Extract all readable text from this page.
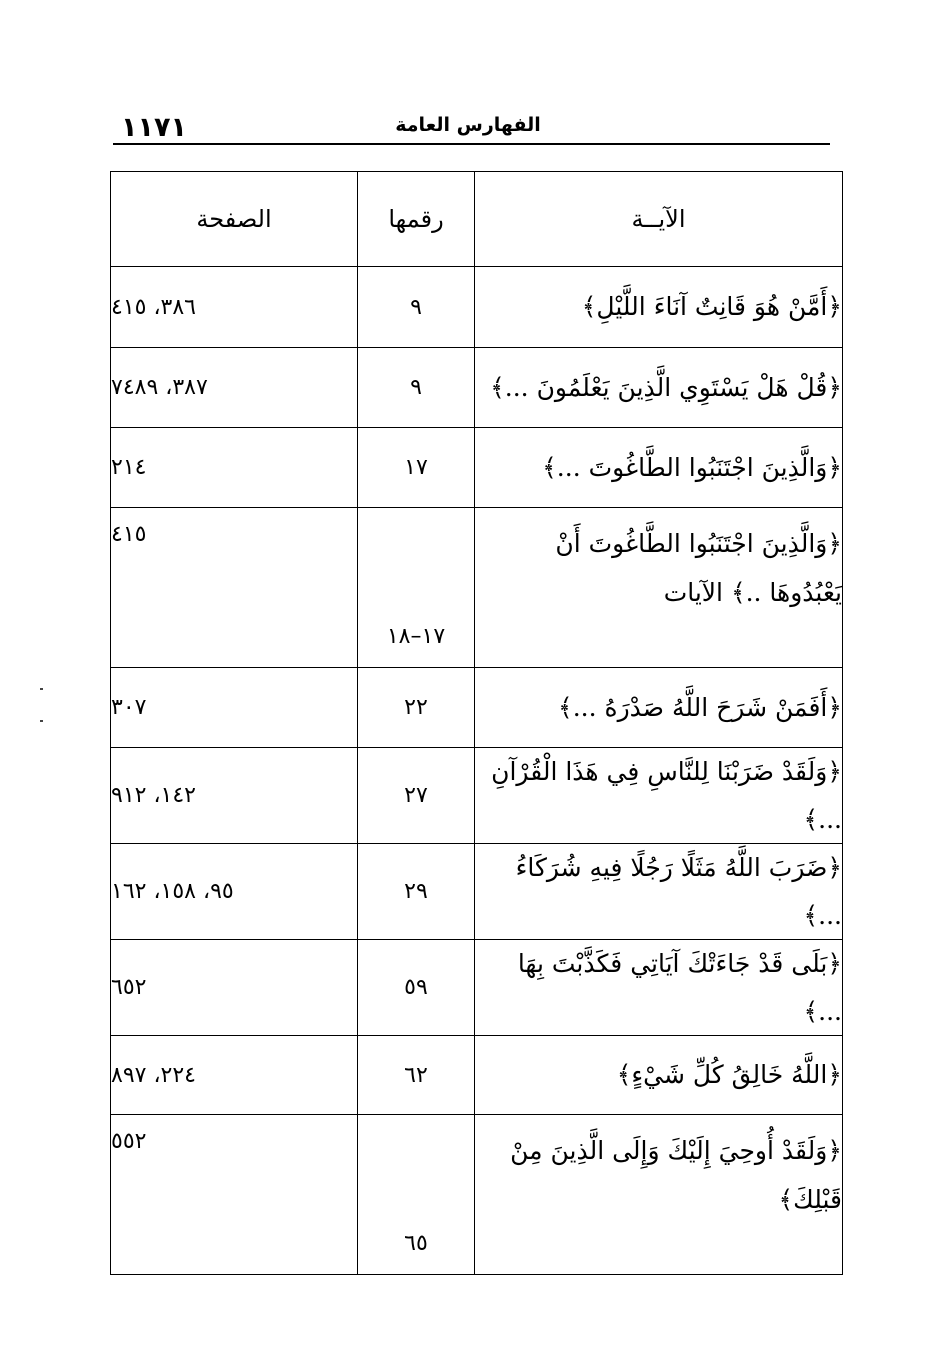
١١٧١	الفهارس العامة
الآيــة	رقمها	الصفحة
﴿أَمَّنْ هُوَ قَانِتٌ آنَاءَ اللَّيْلِ﴾	٩	٣٨٦، ٤١٥
﴿قُلْ هَلْ يَسْتَوِي الَّذِينَ يَعْلَمُونَ ...﴾	٩	٣٨٧، ٧٤٨٩
﴿وَالَّذِينَ اجْتَنَبُوا الطَّاغُوتَ ...﴾	١٧	٢١٤
﴿وَالَّذِينَ اجْتَنَبُوا الطَّاغُوتَ أَنْ يَعْبُدُوهَا ..﴾ الآيات	١٧–١٨	٤١٥
﴿أَفَمَنْ شَرَحَ اللَّهُ صَدْرَهُ ...﴾	٢٢	٣٠٧
﴿وَلَقَدْ ضَرَبْنَا لِلنَّاسِ فِي هَذَا الْقُرْآنِ ...﴾	٢٧	١٤٢، ٩١٢
﴿ضَرَبَ اللَّهُ مَثَلًا رَجُلًا فِيهِ شُرَكَاءُ ...﴾	٢٩	٩٥، ١٥٨، ١٦٢
﴿بَلَى قَدْ جَاءَتْكَ آيَاتِي فَكَذَّبْتَ بِهَا ...﴾	٥٩	٦٥٢
﴿اللَّهُ خَالِقُ كُلِّ شَيْءٍ﴾	٦٢	٢٢٤، ٨٩٧
﴿وَلَقَدْ أُوحِيَ إِلَيْكَ وَإِلَى الَّذِينَ مِنْ قَبْلِكَ﴾	٦٥	٥٥٢
